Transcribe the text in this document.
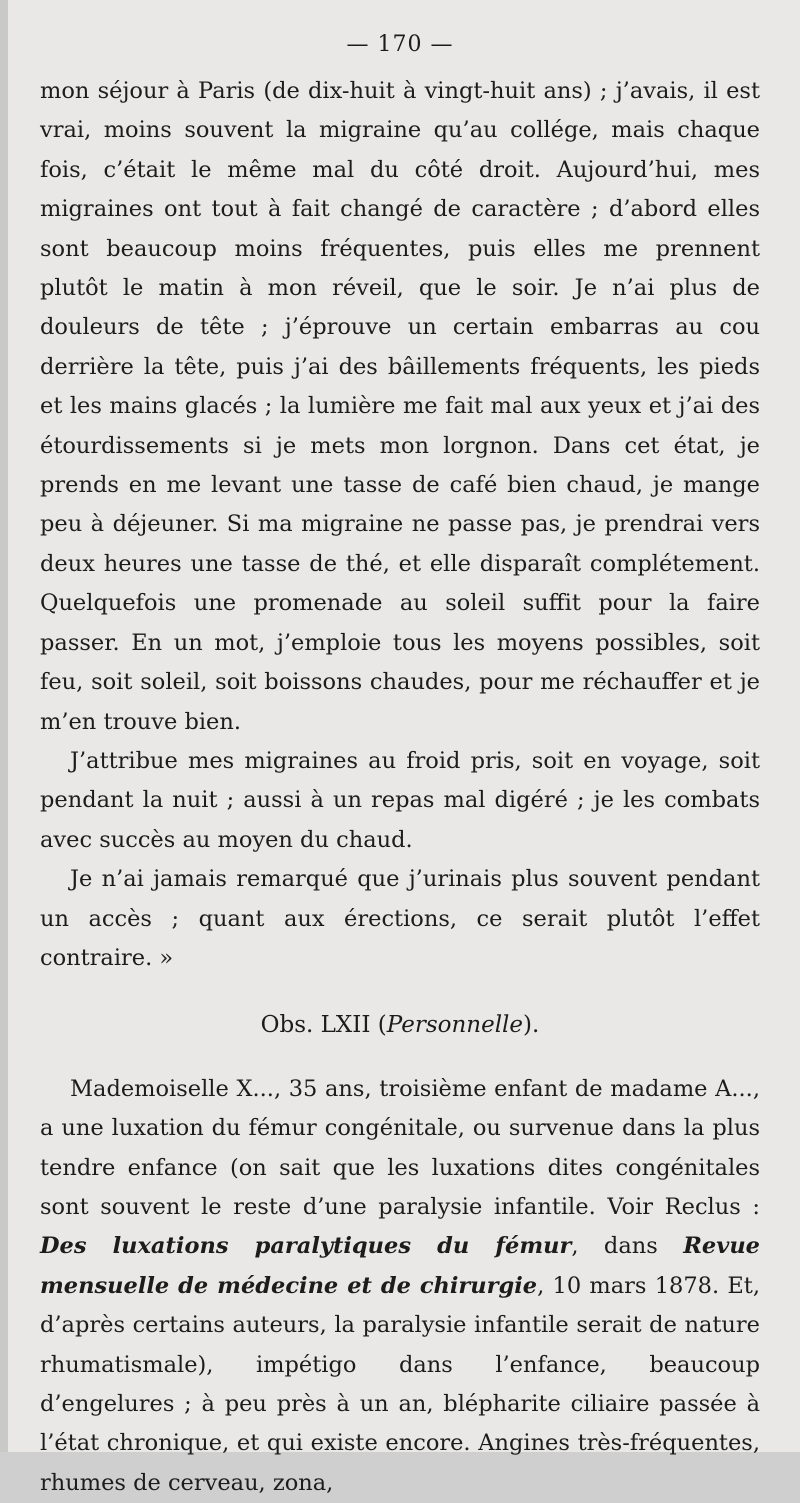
— 170 —

mon séjour à Paris (de dix-huit à vingt-huit ans) ; j’avais, il est vrai, moins souvent la migraine qu’au collége, mais chaque fois, c’était le même mal du côté droit. Aujourd’hui, mes migraines ont tout à fait changé de caractère ; d’abord elles sont beaucoup moins fréquentes, puis elles me prennent plutôt le matin à mon réveil, que le soir. Je n’ai plus de douleurs de tête ; j’éprouve un certain embarras au cou derrière la tête, puis j’ai des bâillements fréquents, les pieds et les mains glacés ; la lumière me fait mal aux yeux et j’ai des étourdissements si je mets mon lorgnon. Dans cet état, je prends en me levant une tasse de café bien chaud, je mange peu à déjeuner. Si ma migraine ne passe pas, je prendrai vers deux heures une tasse de thé, et elle disparaît complétement. Quelquefois une promenade au soleil suffit pour la faire passer. En un mot, j’emploie tous les moyens possibles, soit feu, soit soleil, soit boissons chaudes, pour me réchauffer et je m’en trouve bien.

J’attribue mes migraines au froid pris, soit en voyage, soit pendant la nuit ; aussi à un repas mal digéré ; je les combats avec succès au moyen du chaud.

Je n’ai jamais remarqué que j’urinais plus souvent pendant un accès ; quant aux érections, ce serait plutôt l’effet contraire. »

Obs. LXII (Personnelle).

Mademoiselle X..., 35 ans, troisième enfant de madame A..., a une luxation du fémur congénitale, ou survenue dans la plus tendre enfance (on sait que les luxations dites congénitales sont souvent le reste d’une paralysie infantile. Voir Reclus : Des luxations paralytiques du fémur, dans Revue mensuelle de médecine et de chirurgie, 10 mars 1878. Et, d’après certains auteurs, la paralysie infantile serait de nature rhumatismale), impétigo dans l’enfance, beaucoup d’engelures ; à peu près à un an, blépharite ciliaire passée à l’état chronique, et qui existe encore. Angines très-fréquentes, rhumes de cerveau, zona,
